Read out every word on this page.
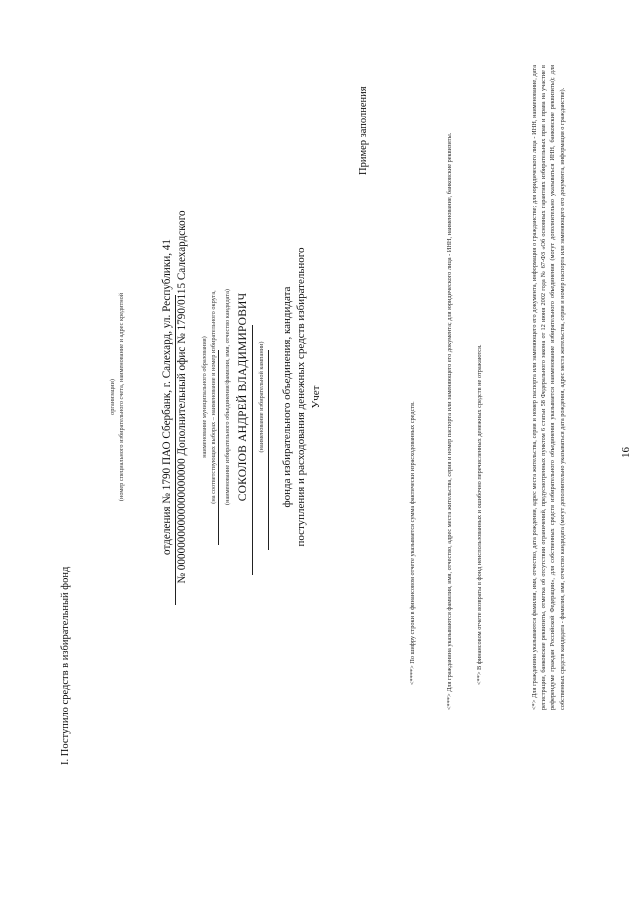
16
<*> Для гражданина указываются фамилия, имя, отчество, дата рождения, адрес места жительства, серия и номер паспорта или заменяющего его документа, информация о гражданстве; для юридического лица - ИНН, наименование, дата регистрации, банковские реквизиты, отметка об отсутствии ограничений, предусмотренных пунктом 6 статьи 58 Федерального закона от 12 июня 2002 года № 67-ФЗ «Об основных гарантиях избирательных прав и права на участие в референдуме граждан Российской Федерации», для собственных средств избирательного объединения указывается наименование избирательного объединения (могут дополнительно указываться ИНН, банковские реквизиты); для собственных средств кандидата - фамилия, имя, отчество кандидата (могут дополнительно указываться дата рождения, адрес места жительства, серия и номер паспорта или заменяющего его документа, информация о гражданстве).
<**> В финансовом отчете возвраты в фонд неиспользованных и ошибочно перечисленных денежных средств не отражаются.
<***> Для гражданина указываются фамилия, имя, отчество, адрес места жительства, серия и номер паспорта или заменяющего его документа; для юридического лица - ИНН, наименование, банковские реквизиты.
<****> По шифру строки в финансовом отчете указывается сумма фактически израсходованных средств.
Пример заполнения
Учет
поступления и расходования денежных средств избирательного
фонда избирательного объединения, кандидата
(наименование избирательной кампании)
СОКОЛОВ АНДРЕЙ ВЛАДИМИРОВИЧ
(наименование избирательного объединения/фамилия, имя, отчество кандидата)
(на соответствующих выборах – наименование и номер избирательного округа,
наименование муниципального образования)
№ 00000000000000000000 Дополнительный офис № 1790/0115 Салехардского
отделения № 1790 ПАО Сбербанк, г. Салехард, ул. Республики, 41
(номер специального избирательного счета, наименование и адрес кредитной
организации)
I. Поступило средств в избирательный фонд
